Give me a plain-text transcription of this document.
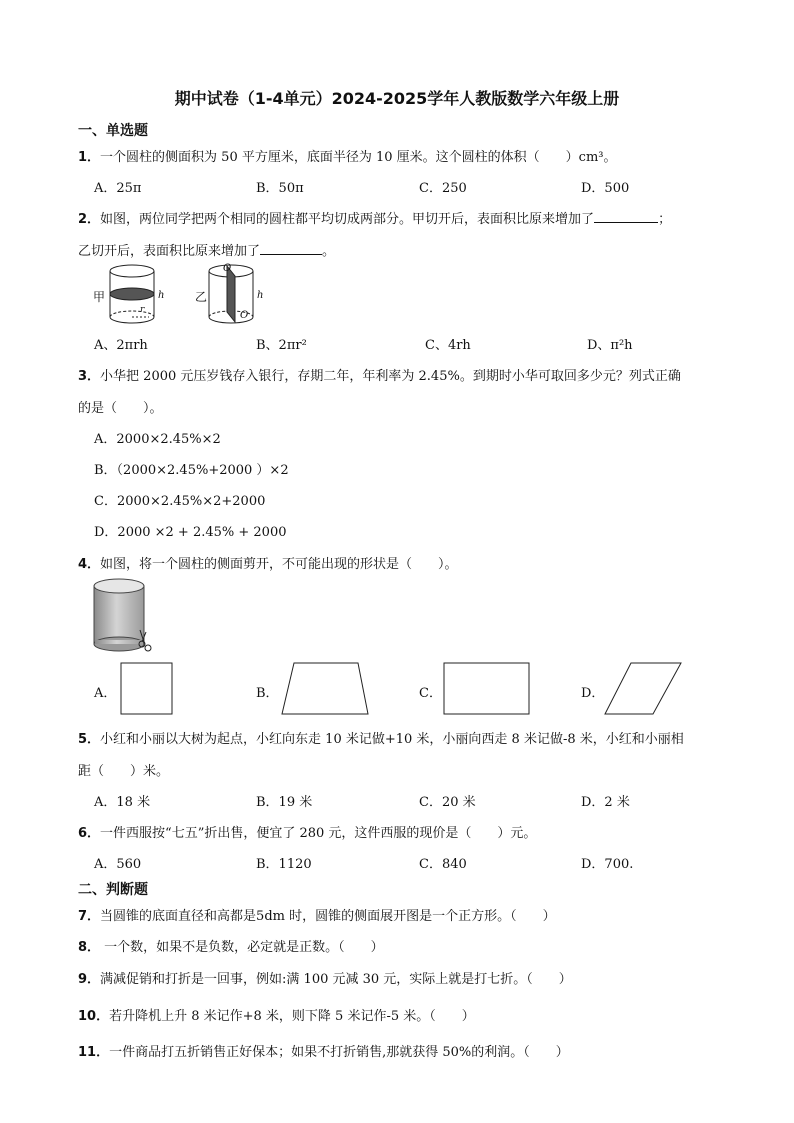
期中试卷（1-4单元）2024-2025学年人教版数学六年级上册
一、单选题
1．一个圆柱的侧面积为 50 平方厘米，底面半径为 10 厘米。这个圆柱的体积（　　）cm³。
A．25π	B．50π	C．250	D．500
2．如图，两位同学把两个相同的圆柱都平均切成两部分。甲切开后，表面积比原来增加了	；
乙切开后，表面积比原来增加了	。
甲	h
r
乙
O
O
h
A、2πrh	B、2πr²	C、4rh	D、π²h
3．小华把 2000 元压岁钱存入银行，存期二年，年利率为 2.45%。到期时小华可取回多少元？列式正确
的是（　　）。
A．2000×2.45%×2
B．（2000×2.45%+2000 ）×2
C．2000×2.45%×2+2000
D．2000 ×2 + 2.45% + 2000
4．如图，将一个圆柱的侧面剪开，不可能出现的形状是（　　）。
A．	B．	C．	D．
5．小红和小丽以大树为起点，小红向东走 10 米记做+10 米，小丽向西走 8 米记做-8 米，小红和小丽相
距（　　）米。
A．18 米	B．19 米	C．20 米	D．2 米
6．一件西服按“七五”折出售，便宜了 280 元，这件西服的现价是（　　）元。
A．560	B．1120	C．840	D．700.
二、判断题
7．当圆锥的底面直径和高都是5dm 时，圆锥的侧面展开图是一个正方形。（　　）
8． 一个数，如果不是负数，必定就是正数。（　　）
9．满减促销和打折是一回事，例如:满 100 元减 30 元，实际上就是打七折。（　　）
10．若升降机上升 8 米记作+8 米，则下降 5 米记作-5 米。（　　）
11．一件商品打五折销售正好保本；如果不打折销售,那就获得 50%的利润。（　　）
